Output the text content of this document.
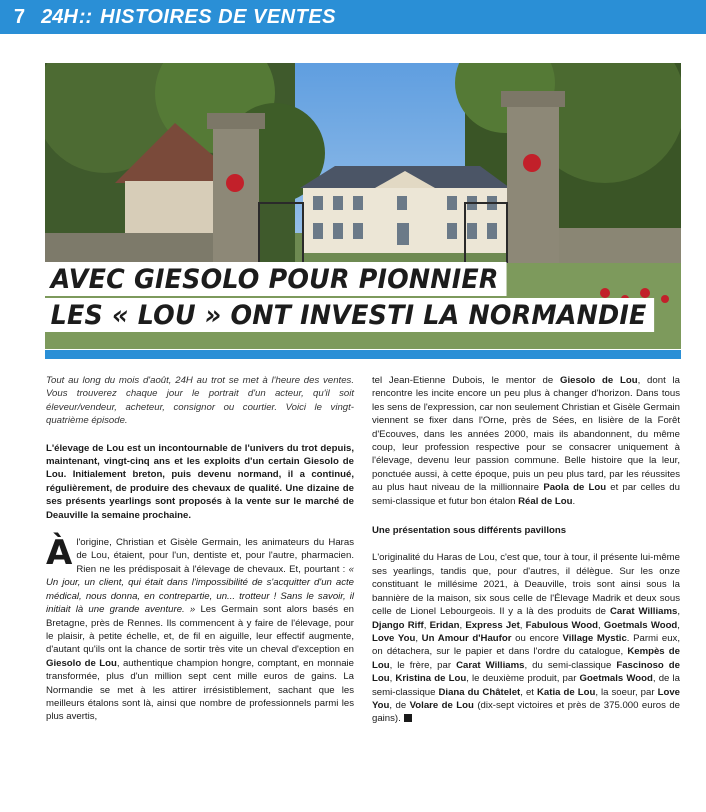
7 24H:: HISTOIRES DE VENTES
AVEC GIESOLO POUR PIONNIER
LES « LOU » ONT INVESTI LA NORMANDIE

Tout au long du mois d'août, 24H au trot se met à l'heure des ventes. Vous trouverez chaque jour le portrait d'un acteur, qu'il soit éleveur/vendeur, acheteur, consignor ou courtier. Voici le vingt-quatrième épisode.

L'élevage de Lou est un incontournable de l'univers du trot depuis, maintenant, vingt-cinq ans et les exploits d'un certain Giesolo de Lou. Initialement breton, puis devenu normand, il a continué, régulièrement, de produire des chevaux de qualité. Une dizaine de ses présents yearlings sont proposés à la vente sur le marché de Deauville la semaine prochaine.

À l'origine, Christian et Gisèle Germain, les animateurs du Haras de Lou, étaient, pour l'un, dentiste et, pour l'autre, pharmacien. Rien ne les prédisposait à l'élevage de chevaux. Et, pourtant : « Un jour, un client, qui était dans l'impossibilité de s'acquitter d'un acte médical, nous donna, en contrepartie, un... trotteur ! Sans le savoir, il initiait là une grande aventure. » Les Germain sont alors basés en Bretagne, près de Rennes. Ils commencent à y faire de l'élevage, pour le plaisir, à petite échelle, et, de fil en aiguille, leur effectif augmente, d'autant qu'ils ont la chance de sortir très vite un cheval d'exception en Giesolo de Lou, authentique champion hongre, comptant, en monnaie transformée, plus d'un million sept cent mille euros de gains. La Normandie se met à les attirer irrésistiblement, sachant que les meilleurs étalons sont là, ainsi que nombre de professionnels parmi les plus avertis,

tel Jean-Etienne Dubois, le mentor de Giesolo de Lou, dont la rencontre les incite encore un peu plus à changer d'horizon. Dans tous les sens de l'expression, car non seulement Christian et Gisèle Germain viennent se fixer dans l'Orne, près de Sées, en lisière de la Forêt d'Ecouves, dans les années 2000, mais ils abandonnent, du même coup, leur profession respective pour se consacrer uniquement à l'élevage, devenu leur passion commune. Belle histoire que la leur, ponctuée aussi, à cette époque, puis un peu plus tard, par les réussites au plus haut niveau de la millionnaire Paola de Lou et par celles du semi-classique et futur bon étalon Réal de Lou.

Une présentation sous différents pavillons

L'originalité du Haras de Lou, c'est que, tour à tour, il présente lui-même ses yearlings, tandis que, pour d'autres, il délègue. Sur les onze constituant le millésime 2021, à Deauville, trois sont ainsi sous la bannière de la maison, six sous celle de l'Élevage Madrik et deux sous celle de Lionel Lebourgeois. Il y a là des produits de Carat Williams, Django Riff, Eridan, Express Jet, Fabulous Wood, Goetmals Wood, Love You, Un Amour d'Haufor ou encore Village Mystic. Parmi eux, on détachera, sur le papier et dans l'ordre du catalogue, Kempès de Lou, le frère, par Carat Williams, du semi-classique Fascinoso de Lou, Kristina de Lou, le deuxième produit, par Goetmals Wood, de la semi-classique Diana du Châtelet, et Katia de Lou, la soeur, par Love You, de Volare de Lou (dix-sept victoires et près de 375.000 euros de gains).
